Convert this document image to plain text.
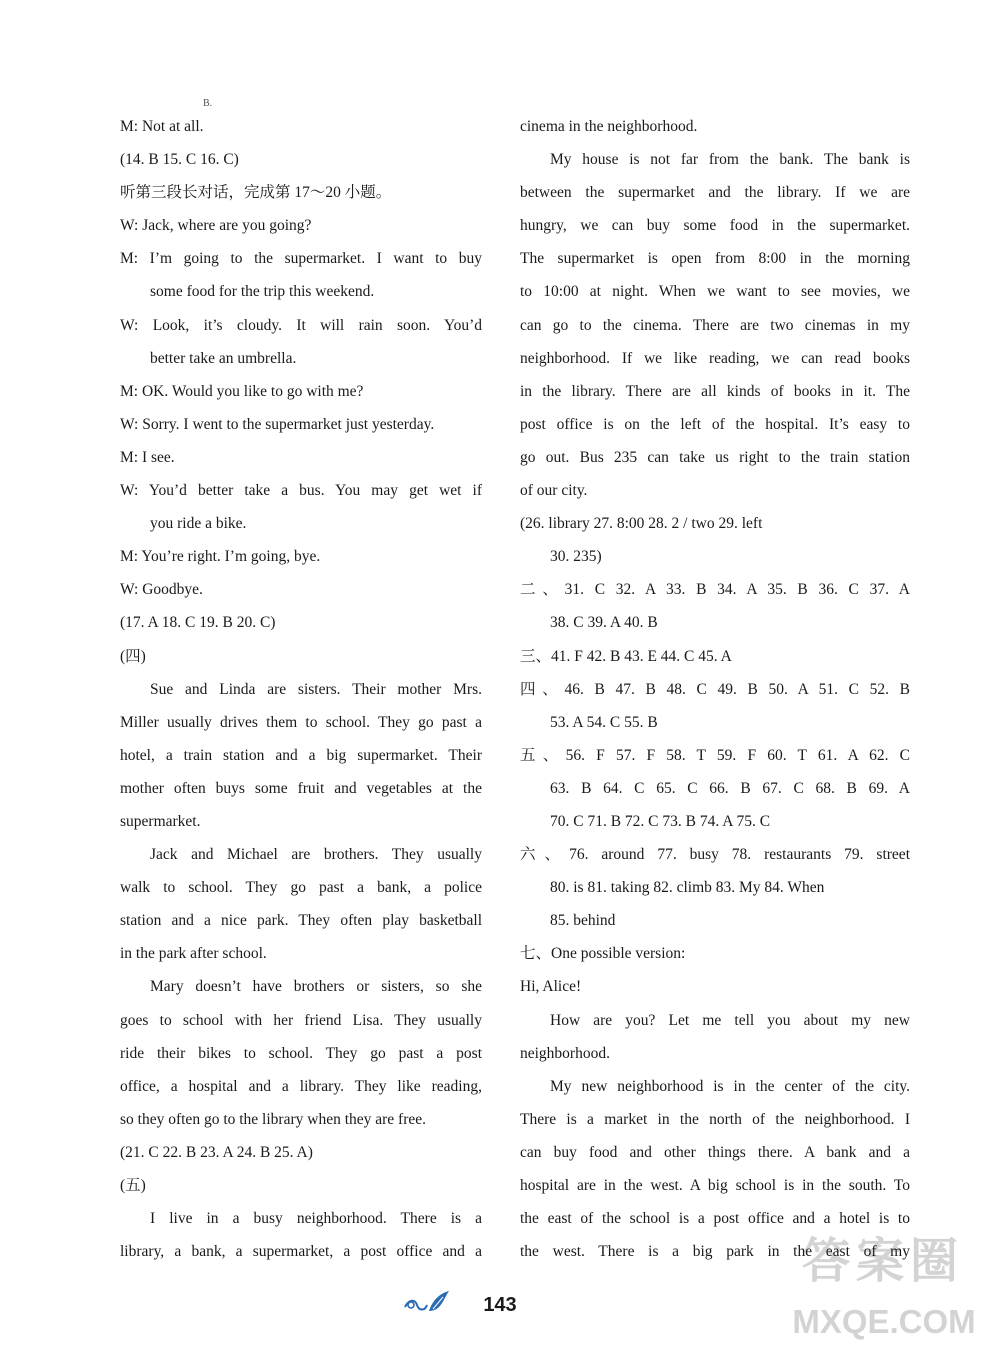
B.
M: Not at all.
(14. B 15. C 16. C)
听第三段长对话，完成第 17～20 小题。
W: Jack, where are you going?
M: I’m going to the supermarket. I want to buy
some food for the trip this weekend.
W: Look, it’s cloudy. It will rain soon. You’d
better take an umbrella.
M: OK. Would you like to go with me?
W: Sorry. I went to the supermarket just yesterday.
M: I see.
W: You’d better take a bus. You may get wet if
you ride a bike.
M: You’re right. I’m going, bye.
W: Goodbye.
(17. A 18. C 19. B 20. C)
(四)
Sue and Linda are sisters. Their mother Mrs.
Miller usually drives them to school. They go past a
hotel, a train station and a big supermarket. Their
mother often buys some fruit and vegetables at the
supermarket.
Jack and Michael are brothers. They usually
walk to school. They go past a bank, a police
station and a nice park. They often play basketball
in the park after school.
Mary doesn’t have brothers or sisters, so she
goes to school with her friend Lisa. They usually
ride their bikes to school. They go past a post
office, a hospital and a library. They like reading,
so they often go to the library when they are free.
(21. C 22. B 23. A 24. B 25. A)
(五)
I live in a busy neighborhood. There is a
library, a bank, a supermarket, a post office and a
cinema in the neighborhood.
My house is not far from the bank. The bank is
between the supermarket and the library. If we are
hungry, we can buy some food in the supermarket.
The supermarket is open from 8:00 in the morning
to 10:00 at night. When we want to see movies, we
can go to the cinema. There are two cinemas in my
neighborhood. If we like reading, we can read books
in the library. There are all kinds of books in it. The
post office is on the left of the hospital. It’s easy to
go out. Bus 235 can take us right to the train station
of our city.
(26. library 27. 8:00 28. 2 / two 29. left
30. 235)
二、31. C 32. A 33. B 34. A 35. B 36. C 37. A
38. C 39. A 40. B
三、41. F 42. B 43. E 44. C 45. A
四、46. B 47. B 48. C 49. B 50. A 51. C 52. B
53. A 54. C 55. B
五、56. F 57. F 58. T 59. F 60. T 61. A 62. C
63. B 64. C 65. C 66. B 67. C 68. B 69. A
70. C 71. B 72. C 73. B 74. A 75. C
六、76. around 77. busy 78. restaurants 79. street
80. is 81. taking 82. climb 83. My 84. When
85. behind
七、One possible version:
Hi, Alice!
How are you? Let me tell you about my new
neighborhood.
My new neighborhood is in the center of the city.
There is a market in the north of the neighborhood. I
can buy food and other things there. A bank and a
hospital are in the west. A big school is in the south. To
the east of the school is a post office and a hotel is to
the west. There is a big park in the east of my
143
答案圈
MXQE.COM
